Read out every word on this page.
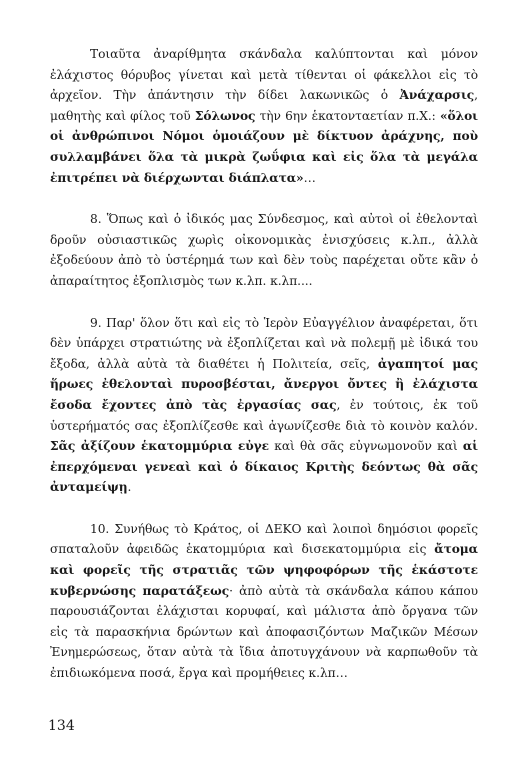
Τοιαῦτα ἀναρίθμητα σκάνδαλα καλύπτονται καὶ μόνον ἐλάχιστος θόρυβος γίνεται καὶ μετὰ τίθενται οἱ φάκελλοι εἰς τὸ ἀρχεῖον. Τὴν ἀπάντησιν τὴν δίδει λακωνικῶς ὁ Ἀνάχαρσις, μαθητὴς καὶ φίλος τοῦ Σόλωνος τὴν 6ην ἑκατονταετίαν π.Χ.: «ὅλοι οἱ ἀνθρώπινοι Νόμοι ὁμοιάζουν μὲ δίκτυον ἀράχνης, ποὺ συλλαμβάνει ὅλα τὰ μικρὰ ζωΰφια καὶ εἰς ὅλα τὰ μεγάλα ἐπιτρέπει νὰ διέρχωνται διάπλατα»…

8. Ὅπως καὶ ὁ ἰδικός μας Σύνδεσμος, καὶ αὐτοὶ οἱ ἐθελονταὶ δροῦν οὐσιαστικῶς χωρὶς οἰκονομικὰς ἐνισχύσεις κ.λπ., ἀλλὰ ἐξοδεύουν ἀπὸ τὸ ὑστέρημά των καὶ δὲν τοὺς παρέχεται οὔτε κἂν ὁ ἀπαραίτητος ἐξοπλισμὸς των κ.λπ. κ.λπ....

9. Παρ' ὅλον ὅτι καὶ εἰς τὸ Ἱερὸν Εὐαγγέλιον ἀναφέρεται, ὅτι δὲν ὑπάρχει στρατιώτης νὰ ἐξοπλίζεται καὶ νὰ πολεμῇ μὲ ἰδικά του ἔξοδα, ἀλλὰ αὐτὰ τὰ διαθέτει ἡ Πολιτεία, σεῖς, ἀγαπητοί μας ἥρωες ἐθελονταὶ πυροσβέσται, ἄνεργοι ὄντες ἢ ἐλάχιστα ἔσοδα ἔχοντες ἀπὸ τὰς ἐργασίας σας, ἐν τούτοις, ἐκ τοῦ ὑστερήματός σας ἐξοπλίζεσθε καὶ ἀγωνίζεσθε διὰ τὸ κοινὸν καλόν. Σᾶς ἀξίζουν ἑκατομμύρια εὐγε καὶ θὰ σᾶς εὐγνωμονοῦν καὶ αἱ ἐπερχόμεναι γενεαὶ καὶ ὁ δίκαιος Κριτὴς δεόντως θὰ σᾶς ἀνταμείψῃ.

10. Συνήθως τὸ Κράτος, οἱ ΔΕΚΟ καὶ λοιποὶ δημόσιοι φορεῖς σπαταλοῦν ἀφειδῶς ἑκατομμύρια καὶ δισεκατομμύρια εἰς ἄτομα καὶ φορεῖς τῆς στρατιᾶς τῶν ψηφοφόρων τῆς ἑκάστοτε κυβερνώσης παρατάξεως· ἀπὸ αὐτὰ τὰ σκάνδαλα κάπου κάπου παρουσιάζονται ἐλάχισται κορυφαί, καὶ μάλιστα ἀπὸ ὄργανα τῶν εἰς τὰ παρασκήνια δρώντων καὶ ἀποφασιζόντων Μαζικῶν Μέσων Ἐνημερώσεως, ὅταν αὐτὰ τὰ ἴδια ἀποτυγχάνουν νὰ καρπωθοῦν τὰ ἐπιδιωκόμενα ποσά, ἔργα καὶ προμήθειες κ.λπ…

134
